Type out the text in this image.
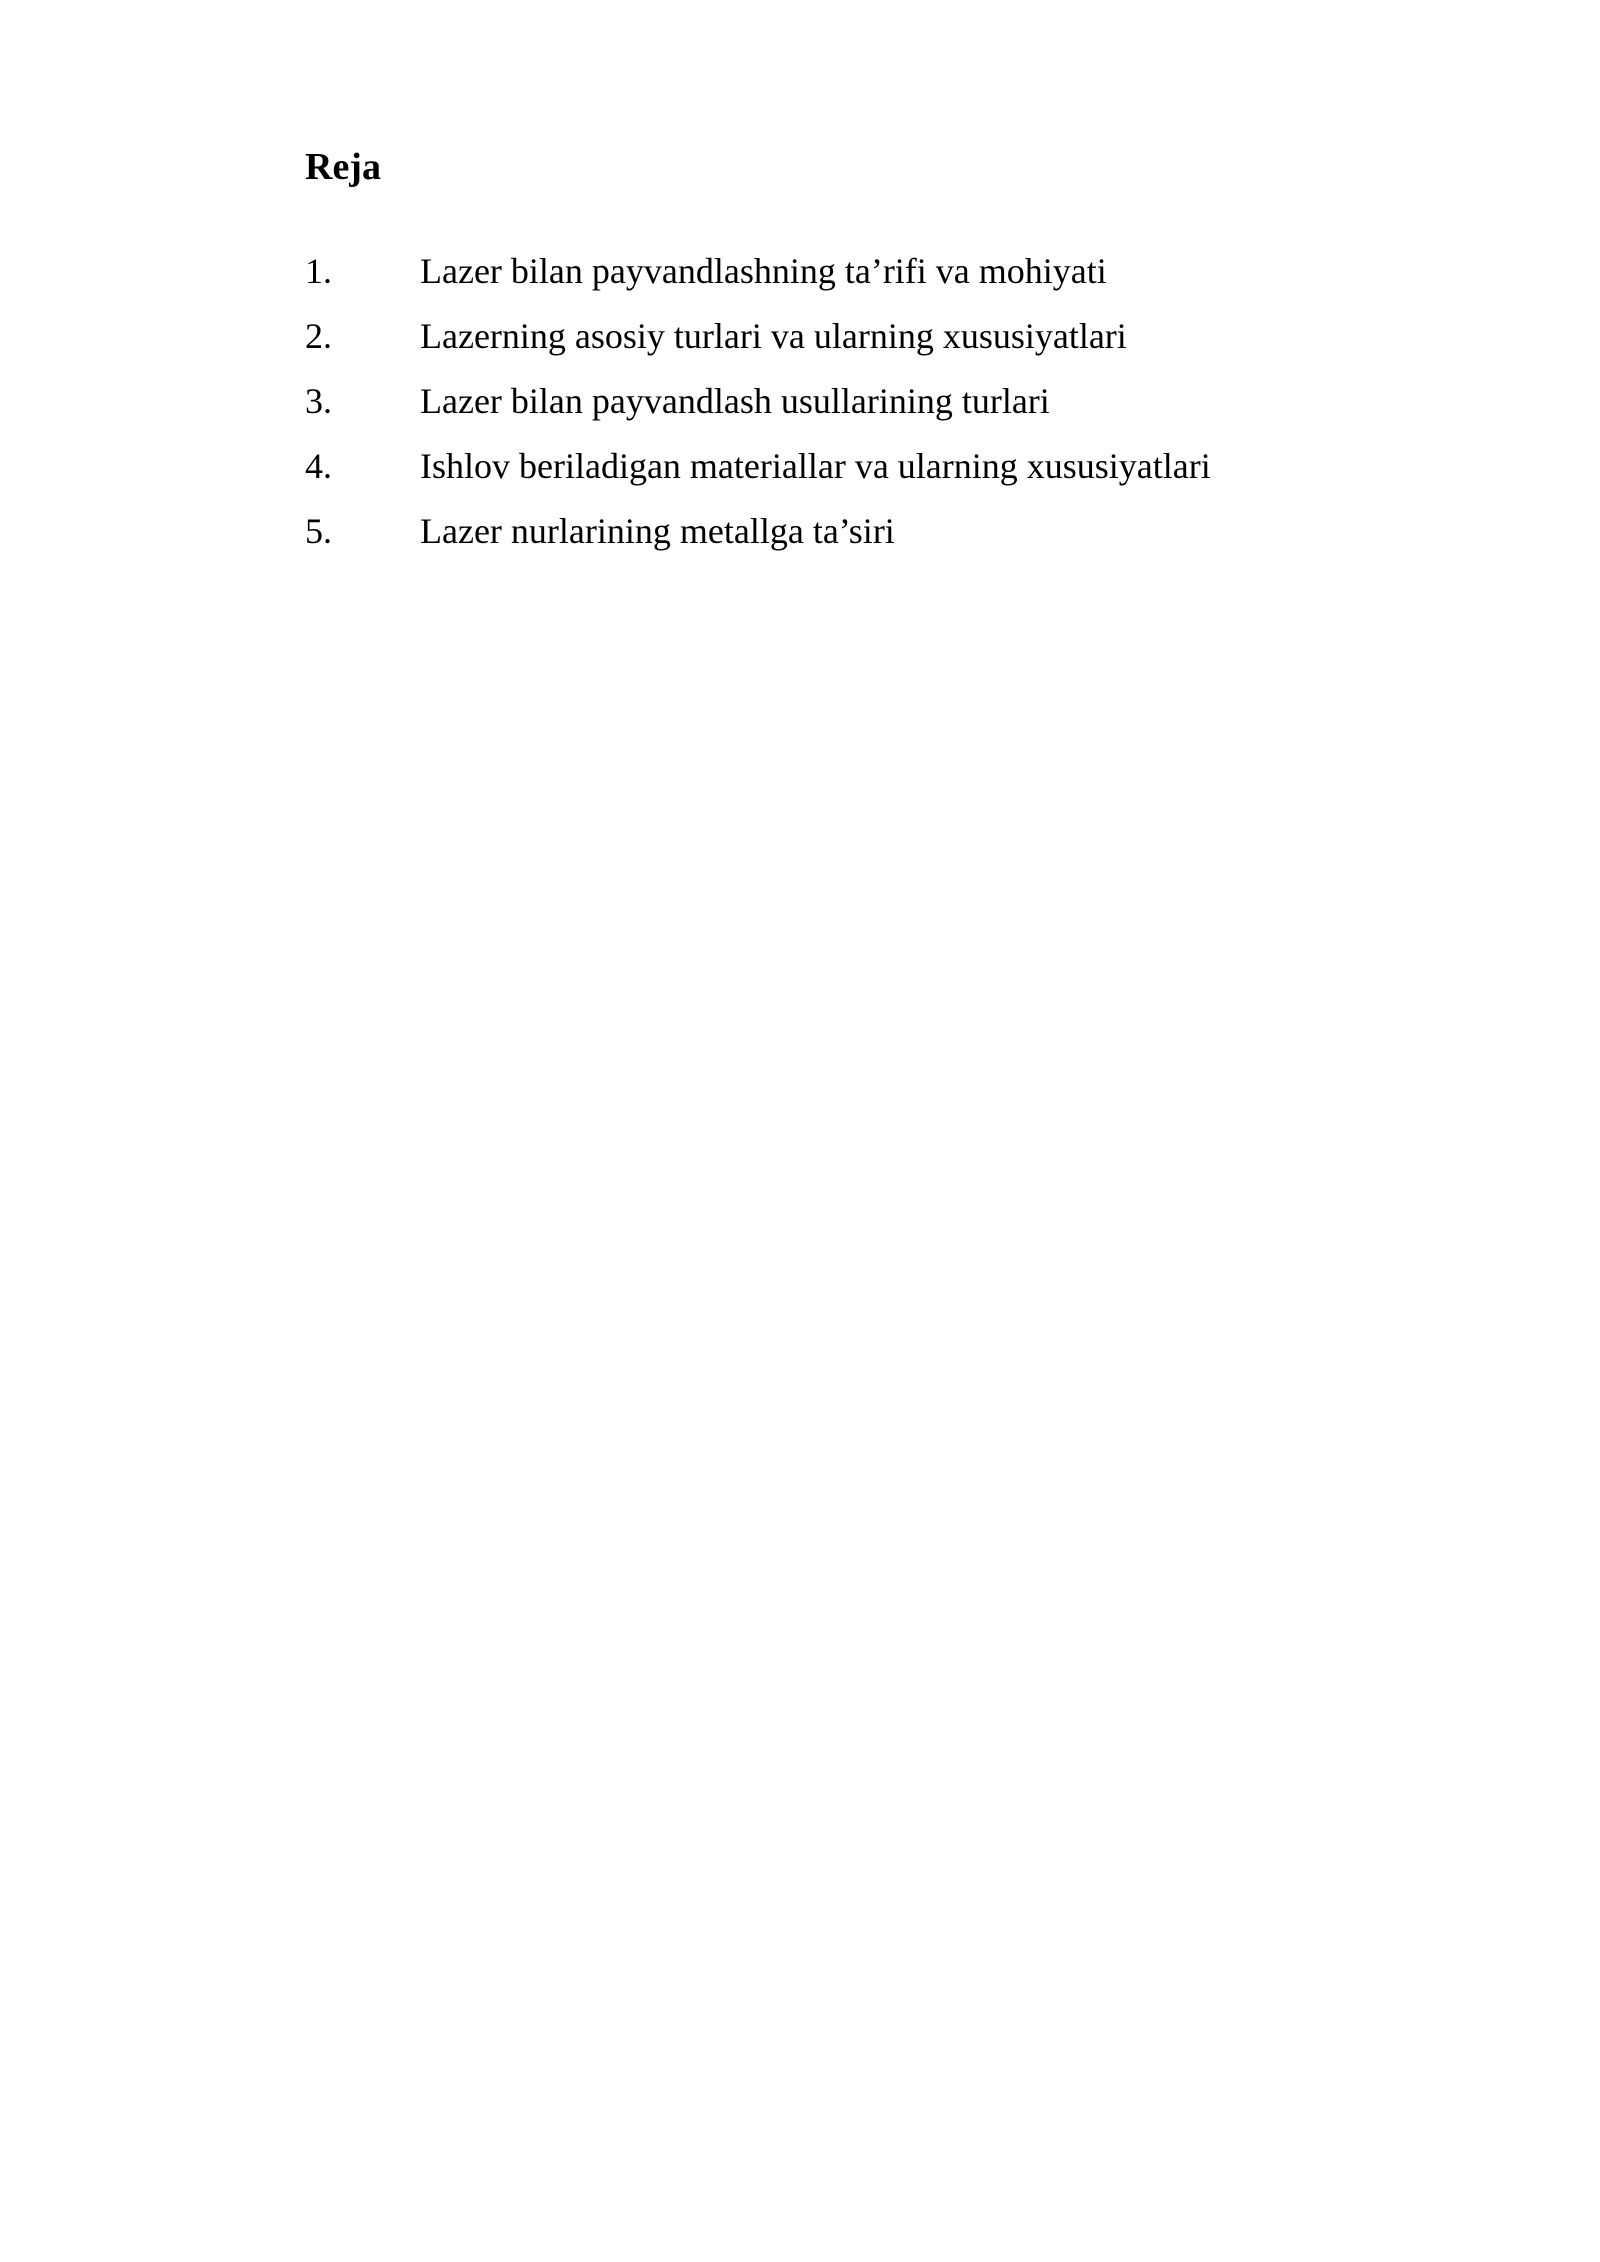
Reja
1.	Lazer bilan payvandlashning ta’rifi va mohiyati
2.	Lazerning asosiy turlari va ularning xususiyatlari
3.	Lazer bilan payvandlash usullarining turlari
4.	Ishlov beriladigan materiallar va ularning xususiyatlari
5.	Lazer nurlarining metallga ta’siri
